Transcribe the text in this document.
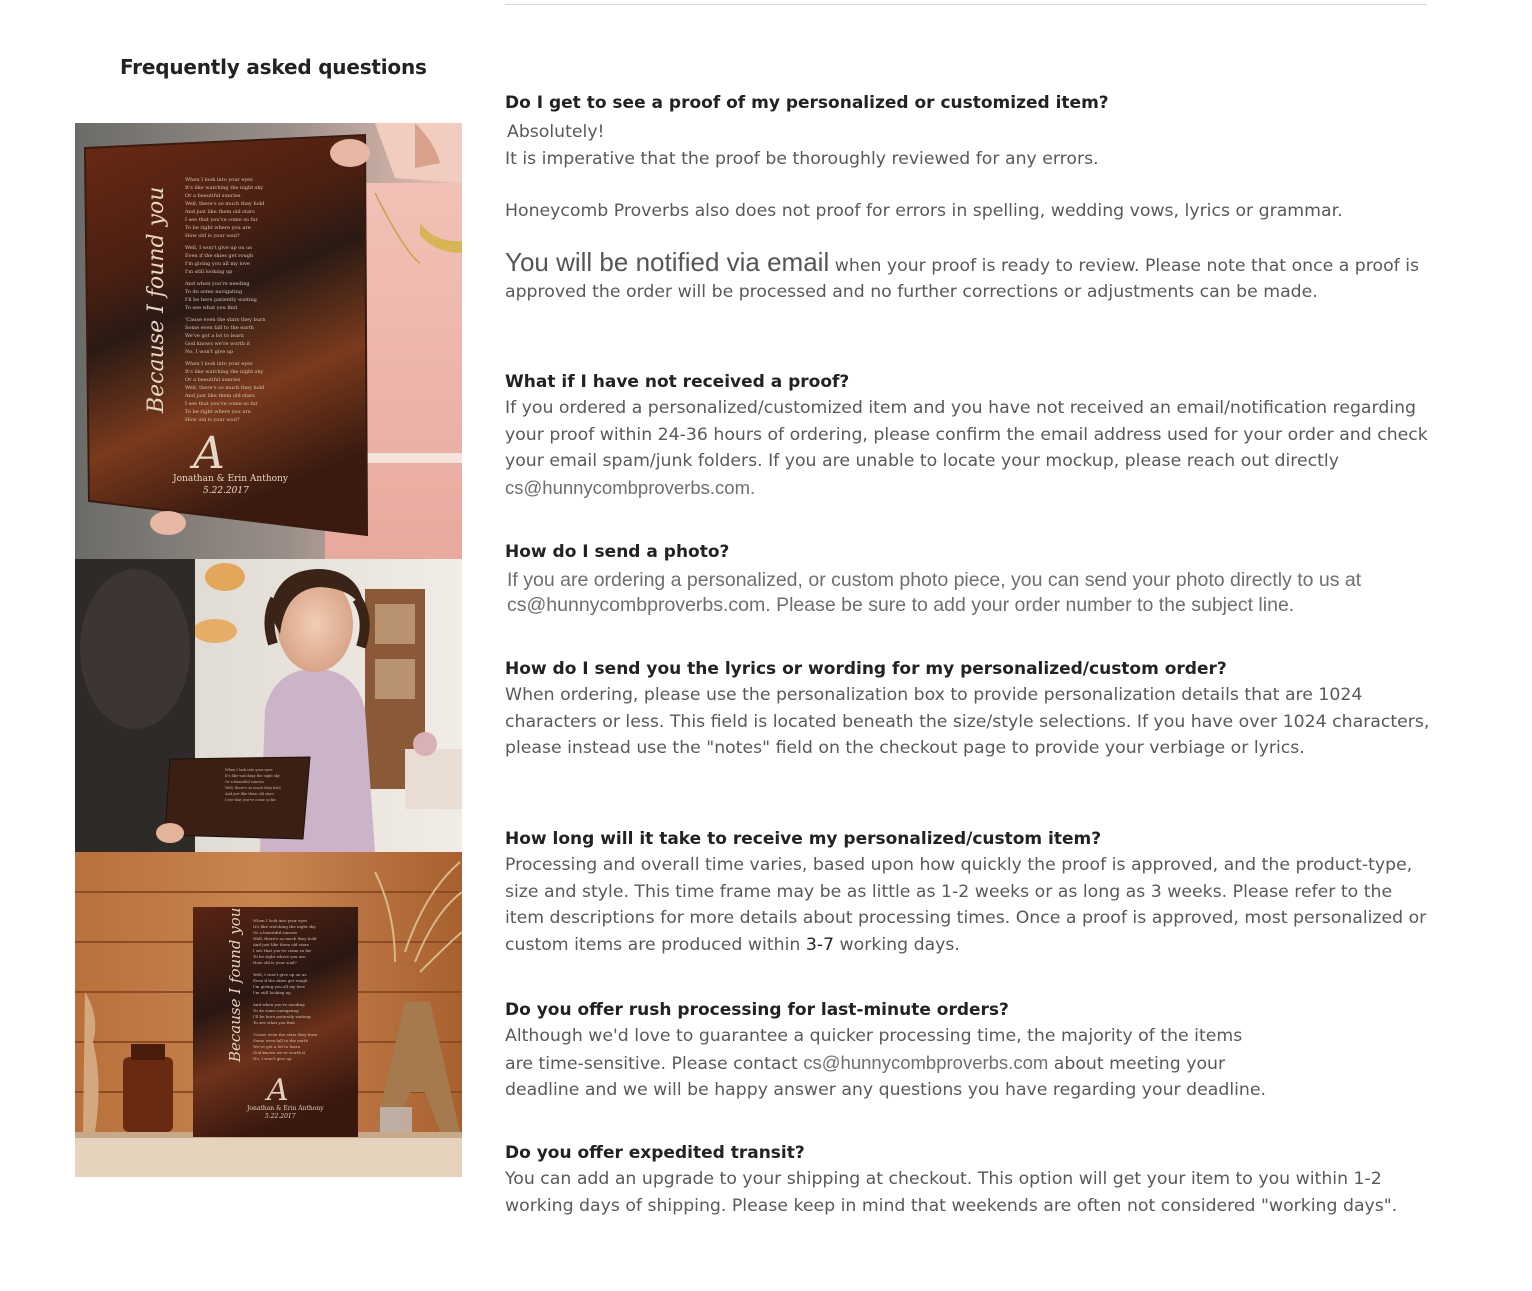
Frequently asked questions
When I look into your eyes
It's like watching the night sky
Or a beautiful sunrise
Well, there's so much they hold
And just like them old stars
I see that you've come so far
To be right where you are
How old is your soul?
Well, I won't give up on us
Even if the skies get rough
I'm giving you all my love
I'm still looking up
And when you're needing
To do some navigating
I'll be here patiently waiting
To see what you find
'Cause even the stars they burn
Some even fall to the earth
We've got a lot to learn
God knows we're worth it
No, I won't give up
When I look into your eyes
It's like watching the night sky
Or a beautiful sunrise
Well, there's so much they hold
And just like them old stars
I see that you've come so far
To be right where you are
How old is your soul?
Because I found you
A
Jonathan & Erin Anthony
5.22.2017
When I look into your eyes
It's like watching the night sky
Or a beautiful sunrise
Well, there's so much they hold
And just like them old stars
I see that you've come so far
When I look into your eyes
It's like watching the night sky
Or a beautiful sunrise
Well, there's so much they hold
And just like them old stars
I see that you've come so far
To be right where you are
How old is your soul?
Well, I won't give up on us
Even if the skies get rough
I'm giving you all my love
I'm still looking up
And when you're needing
To do some navigating
I'll be here patiently waiting
To see what you find
'Cause even the stars they burn
Some even fall to the earth
We've got a lot to learn
God knows we're worth it
No, I won't give up
Because I found you
A
Jonathan & Erin Anthony
5.22.2017

Do I get to see a proof of my personalized or customized item?

Absolutely!

It is imperative that the proof be thoroughly reviewed for any errors.

Honeycomb Proverbs also does not proof for errors in spelling, wedding vows, lyrics or grammar.

You will be notified via email when your proof is ready to review. Please note that once a proof is approved the order will be processed and no further corrections or adjustments can be made.

What if I have not received a proof?

If you ordered a personalized/customized item and you have not received an email/notification regarding your proof within 24-36 hours of ordering, please confirm the email address used for your order and check your email spam/junk folders. If you are unable to locate your mockup, please reach out directly cs@hunnycombproverbs.com.

How do I send a photo?

If you are ordering a personalized, or custom photo piece, you can send your photo directly to us at cs@hunnycombproverbs.com. Please be sure to add your order number to the subject line.

How do I send you the lyrics or wording for my personalized/custom order?

When ordering, please use the personalization box to provide personalization details that are 1024 characters or less. This field is located beneath the size/style selections. If you have over 1024 characters, please instead use the "notes" field on the checkout page to provide your verbiage or lyrics.

How long will it take to receive my personalized/custom item?

Processing and overall time varies, based upon how quickly the proof is approved, and the product-type, size and style. This time frame may be as little as 1-2 weeks or as long as 3 weeks. Please refer to the item descriptions for more details about processing times. Once a proof is approved, most personalized or custom items are produced within 3-7 working days.

Do you offer rush processing for last-minute orders?

Although we'd love to guarantee a quicker processing time, the majority of the items

are time-sensitive. Please contact cs@hunnycombproverbs.com about meeting your

deadline and we will be happy answer any questions you have regarding your deadline.

Do you offer expedited transit?

You can add an upgrade to your shipping at checkout. This option will get your item to you within 1-2 working days of shipping. Please keep in mind that weekends are often not considered "working days".
